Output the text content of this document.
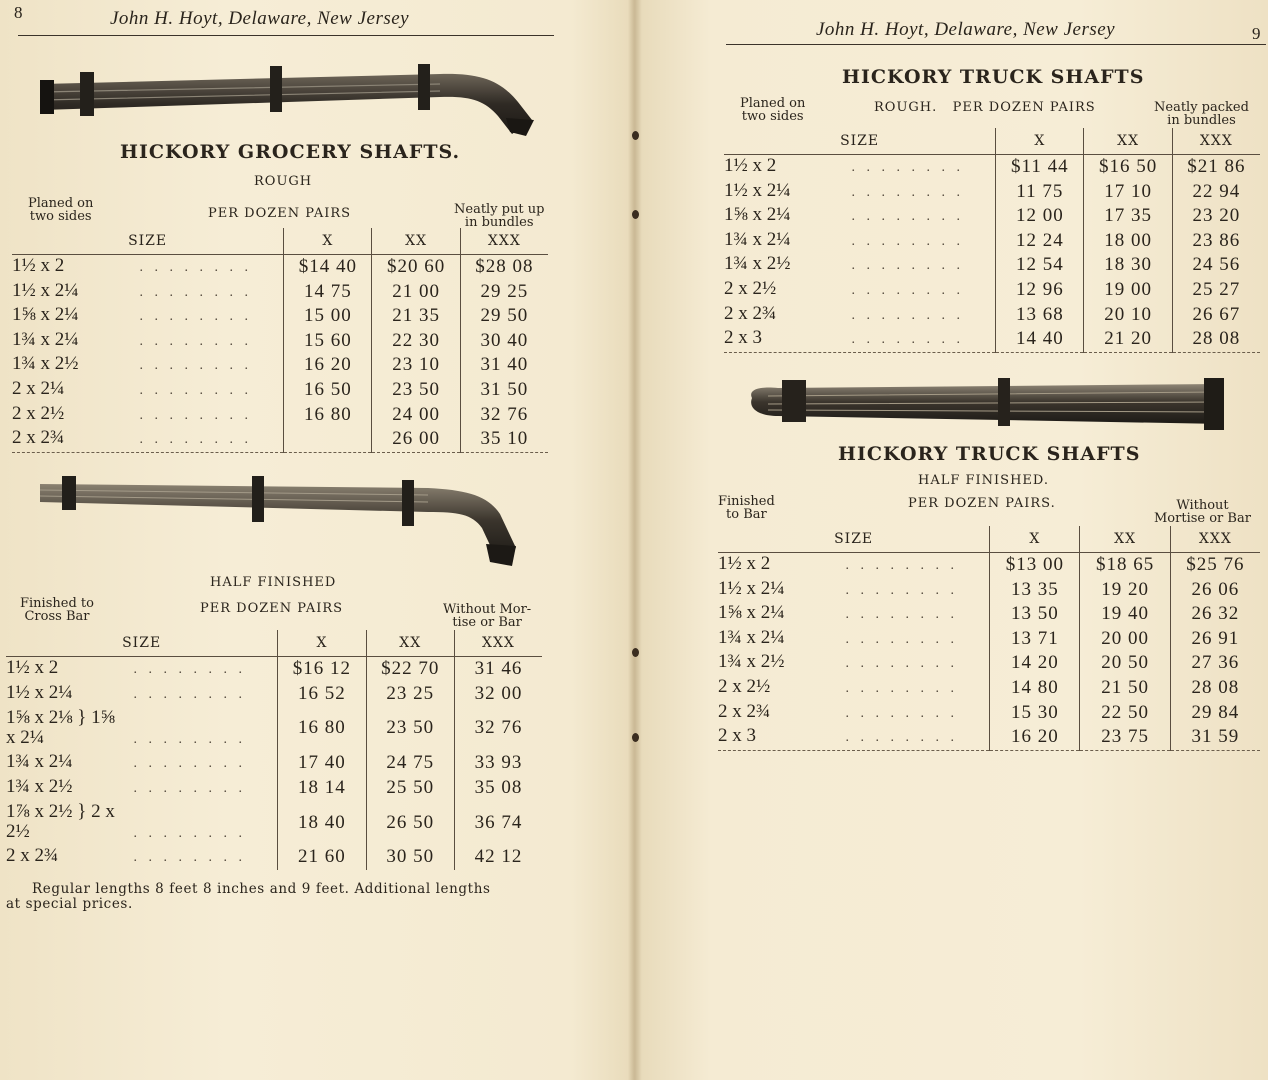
8	John H. Hoyt, Delaware, New Jersey
HICKORY GROCERY SHAFTS.
ROUGH
Planed on
two sides	PER DOZEN PAIRS	Neatly put up
in bundles
SIZE	X	XX	XXX
1½ x 2 . . . . . . . .	$14 40	$20 60	$28 08
1½ x 2¼ . . . . . . . .	14 75	21 00	29 25
1⅝ x 2¼ . . . . . . . .	15 00	21 35	29 50
1¾ x 2¼ . . . . . . . .	15 60	22 30	30 40
1¾ x 2½ . . . . . . . .	16 20	23 10	31 40
2 x 2¼ . . . . . . . .	16 50	23 50	31 50
2 x 2½ . . . . . . . .	16 80	24 00	32 76
2 x 2¾ . . . . . . . .		26 00	35 10
HALF FINISHED
Finished to
Cross Bar
PER DOZEN PAIRS	Without Mor-
tise or Bar
SIZE	X	XX	XXX
1½ x 2 . . . . . . . .	$16 12	$22 70	31 46
1½ x 2¼ . . . . . . . .	16 52	23 25	32 00
1⅝ x 2⅛ } 1⅝ x 2¼ . . . . . . . .	16 80	23 50	32 76
1¾ x 2¼ . . . . . . . .	17 40	24 75	33 93
1¾ x 2½ . . . . . . . .	18 14	25 50	35 08
1⅞ x 2½ } 2 x 2½ . . . . . . . .	18 40	26 50	36 74
2 x 2¾ . . . . . . . .	21 60	30 50	42 12
Regular lengths 8 feet 8 inches and 9 feet. Additional lengths
at special prices.
John H. Hoyt, Delaware, New Jersey	9
HICKORY TRUCK SHAFTS
Planed on
two sides
ROUGH.   PER DOZEN PAIRS	Neatly packed
in bundles
SIZE	X	XX	XXX
1½ x 2 . . . . . . . .	$11 44	$16 50	$21 86
1½ x 2¼ . . . . . . . .	11 75	17 10	22 94
1⅝ x 2¼ . . . . . . . .	12 00	17 35	23 20
1¾ x 2¼ . . . . . . . .	12 24	18 00	23 86
1¾ x 2½ . . . . . . . .	12 54	18 30	24 56
2 x 2½ . . . . . . . .	12 96	19 00	25 27
2 x 2¾ . . . . . . . .	13 68	20 10	26 67
2 x 3 . . . . . . . .	14 40	21 20	28 08
HICKORY TRUCK SHAFTS
HALF FINISHED.
Finished
to Bar
PER DOZEN PAIRS.	Without
Mortise or Bar
SIZE	X	XX	XXX
1½ x 2 . . . . . . . .	$13 00	$18 65	$25 76
1½ x 2¼ . . . . . . . .	13 35	19 20	26 06
1⅝ x 2¼ . . . . . . . .	13 50	19 40	26 32
1¾ x 2¼ . . . . . . . .	13 71	20 00	26 91
1¾ x 2½ . . . . . . . .	14 20	20 50	27 36
2 x 2½ . . . . . . . .	14 80	21 50	28 08
2 x 2¾ . . . . . . . .	15 30	22 50	29 84
2 x 3 . . . . . . . .	16 20	23 75	31 59
